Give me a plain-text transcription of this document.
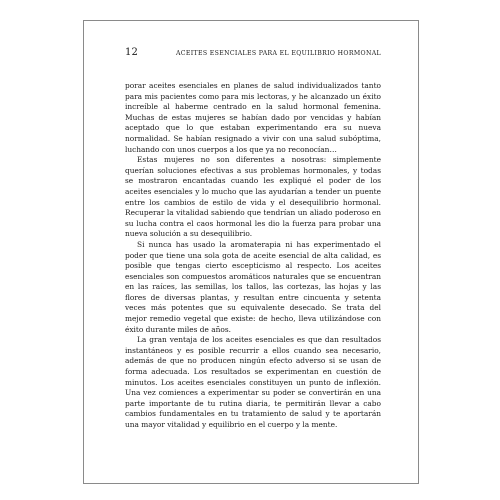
12	ACEITES ESENCIALES PARA EL EQUILIBRIO HORMONAL

porar aceites esenciales en planes de salud individualizados tanto para mis pacientes como para mis lectoras, y he alcanzado un éxito increíble al haberme centrado en la salud hormonal femenina. Muchas de estas mujeres se habían dado por vencidas y habían aceptado que lo que estaban experimentando era su nueva normalidad. Se habían resignado a vivir con una salud subóptima, luchando con unos cuerpos a los que ya no reconocían…

Estas mujeres no son diferentes a nosotras: simplemente querían soluciones efectivas a sus problemas hormonales, y todas se mostraron encantadas cuando les expliqué el poder de los aceites esenciales y lo mucho que las ayudarían a tender un puente entre los cambios de estilo de vida y el desequilibrio hormonal. Recuperar la vitalidad sabiendo que tendrían un aliado poderoso en su lucha contra el caos hormonal les dio la fuerza para probar una nueva solución a su desequilibrio.

Si nunca has usado la aromaterapia ni has experimentado el poder que tiene una sola gota de aceite esencial de alta calidad, es posible que tengas cierto escepticismo al respecto. Los aceites esenciales son compuestos aromáticos naturales que se encuentran en las raíces, las semillas, los tallos, las cortezas, las hojas y las flores de diversas plantas, y resultan entre cincuenta y setenta veces más potentes que su equivalente desecado. Se trata del mejor remedio vegetal que existe: de hecho, lleva utilizándose con éxito durante miles de años.

La gran ventaja de los aceites esenciales es que dan resultados instantáneos y es posible recurrir a ellos cuando sea necesario, además de que no producen ningún efecto adverso si se usan de forma adecuada. Los resultados se experimentan en cuestión de minutos. Los aceites esenciales constituyen un punto de inflexión. Una vez comiences a experimentar su poder se convertirán en una parte importante de tu rutina diaria, te permitirán llevar a cabo cambios fundamentales en tu tratamiento de salud y te aportarán una mayor vitalidad y equilibrio en el cuerpo y la mente.
